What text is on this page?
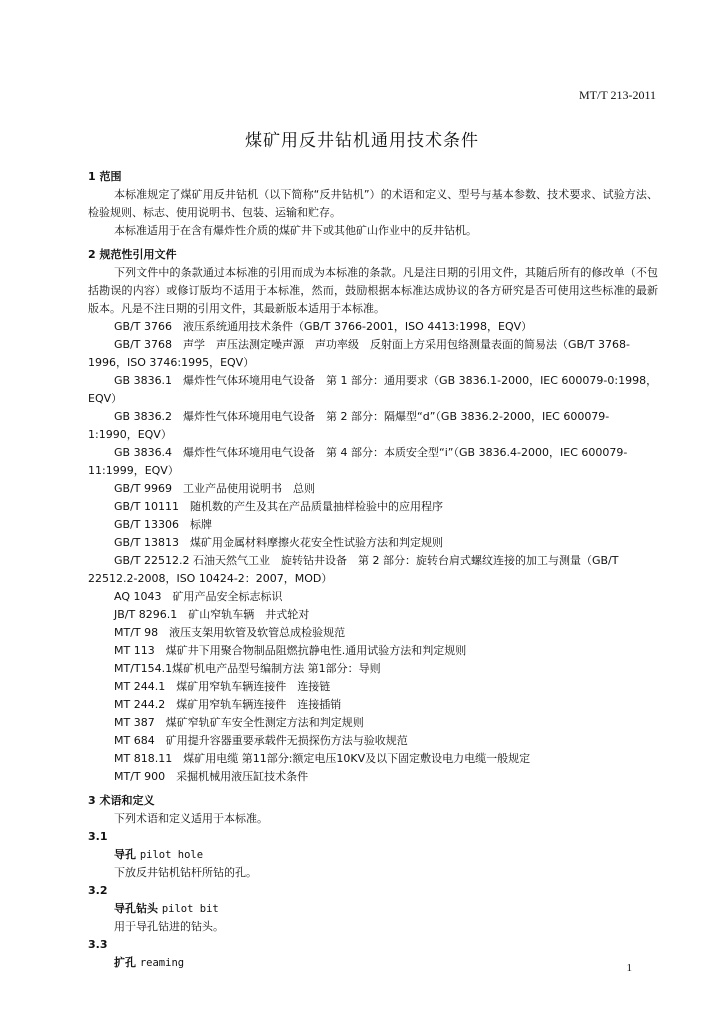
MT/T 213-2011
煤矿用反井钻机通用技术条件
1 范围
本标准规定了煤矿用反井钻机（以下简称“反井钻机”）的术语和定义、型号与基本参数、技术要求、试验方法、检验规则、标志、使用说明书、包装、运输和贮存。
本标准适用于在含有爆炸性介质的煤矿井下或其他矿山作业中的反井钻机。
2 规范性引用文件
下列文件中的条款通过本标准的引用而成为本标准的条款。凡是注日期的引用文件，其随后所有的修改单（不包括勘误的内容）或修订版均不适用于本标准，然而，鼓励根据本标准达成协议的各方研究是否可使用这些标准的最新版本。凡是不注日期的引用文件，其最新版本适用于本标准。
GB/T 3766　液压系统通用技术条件（GB/T 3766-2001，ISO 4413:1998，EQV）
GB/T 3768　声学　声压法测定噪声源　声功率级　反射面上方采用包络测量表面的简易法（GB/T 3768-1996，ISO 3746:1995，EQV）
GB 3836.1　爆炸性气体环境用电气设备　第 1 部分：通用要求（GB 3836.1-2000，IEC 600079-0:1998，EQV）
GB 3836.2　爆炸性气体环境用电气设备　第 2 部分：隔爆型“d”（GB 3836.2-2000，IEC 600079-1:1990，EQV）
GB 3836.4　爆炸性气体环境用电气设备　第 4 部分：本质安全型“i”（GB 3836.4-2000，IEC 600079-11:1999，EQV）
GB/T 9969　工业产品使用说明书　总则
GB/T 10111　随机数的产生及其在产品质量抽样检验中的应用程序
GB/T 13306　标牌
GB/T 13813　煤矿用金属材料摩擦火花安全性试验方法和判定规则
GB/T 22512.2 石油天然气工业　旋转钻井设备　第 2 部分：旋转台肩式螺纹连接的加工与测量（GB/T 22512.2-2008，ISO 10424-2：2007，MOD）
AQ 1043　矿用产品安全标志标识
JB/T 8296.1　矿山窄轨车辆　井式轮对
MT/T 98　液压支架用软管及软管总成检验规范
MT 113　煤矿井下用聚合物制品阻燃抗静电性.通用试验方法和判定规则
MT/T154.1煤矿机电产品型号编制方法 第1部分：导则
MT 244.1　煤矿用窄轨车辆连接件　连接链
MT 244.2　煤矿用窄轨车辆连接件　连接插销
MT 387　煤矿窄轨矿车安全性测定方法和判定规则
MT 684　矿用提升容器重要承载件无损探伤方法与验收规范
MT 818.11　煤矿用电缆 第11部分:额定电压10KV及以下固定敷设电力电缆一般规定
MT/T 900　采掘机械用液压缸技术条件
3 术语和定义
下列术语和定义适用于本标准。
3.1
导孔 pilot hole
下放反井钻机钻杆所钻的孔。
3.2
导孔钻头 pilot bit
用于导孔钻进的钻头。
3.3
扩孔 reaming	1
